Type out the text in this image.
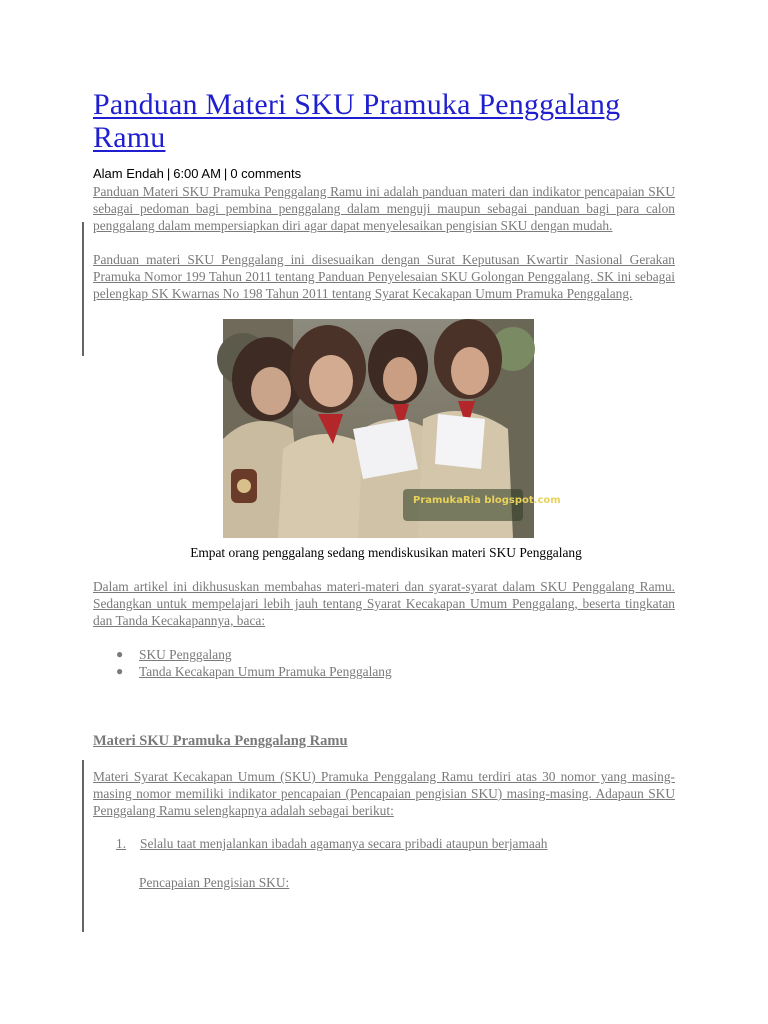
Panduan Materi SKU Pramuka Penggalang Ramu
Alam Endah | 6:00 AM | 0 comments

Panduan Materi SKU Pramuka Penggalang Ramu ini adalah panduan materi dan indikator pencapaian SKU sebagai pedoman bagi pembina penggalang dalam menguji maupun sebagai panduan bagi para calon penggalang dalam mempersiapkan diri agar dapat menyelesaikan pengisian SKU dengan mudah.

Panduan materi SKU Penggalang ini disesuaikan dengan Surat Keputusan Kwartir Nasional Gerakan Pramuka Nomor 199 Tahun 2011 tentang Panduan Penyelesaian SKU Golongan Penggalang. SK ini sebagai pelengkap SK Kwarnas No 198 Tahun 2011 tentang Syarat Kecakapan Umum Pramuka Penggalang.

PramukaRia blogspot.com
Empat orang penggalang sedang mendiskusikan materi SKU Penggalang

Dalam artikel ini dikhususkan membahas materi-materi dan syarat-syarat dalam SKU Penggalang Ramu. Sedangkan untuk mempelajari lebih jauh tentang Syarat Kecakapan Umum Penggalang, beserta tingkatan dan Tanda Kecakapannya, baca:

● SKU Penggalang
● Tanda Kecakapan Umum Pramuka Penggalang
Materi SKU Pramuka Penggalang Ramu

Materi Syarat Kecakapan Umum (SKU) Pramuka Penggalang Ramu terdiri atas 30 nomor yang masing-masing nomor memiliki indikator pencapaian (Pencapaian pengisian SKU) masing-masing. Adapaun SKU Penggalang Ramu selengkapnya adalah sebagai berikut:

1. Selalu taat menjalankan ibadah agamanya secara pribadi ataupun berjamaah
Pencapaian Pengisian SKU:
